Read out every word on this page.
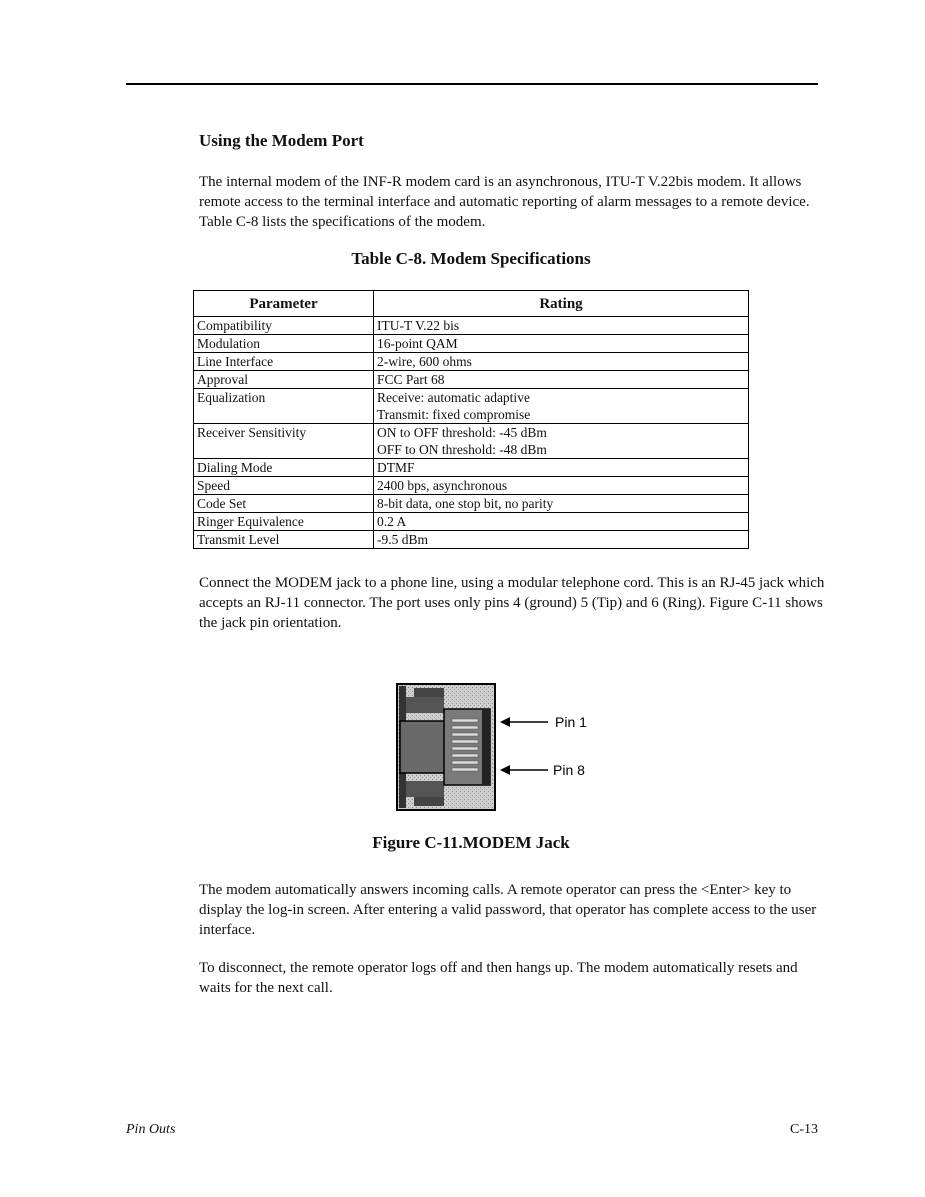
Using the Modem Port

The internal modem of the INF-R modem card is an asynchronous, ITU-T V.22bis modem. It allows remote access to the terminal interface and automatic reporting of alarm messages to a remote device. Table C-8 lists the specifications of the modem.

Table C-8. Modem Specifications

Parameter	Rating
Compatibility	ITU-T V.22 bis

Modulation	16-point QAM

Line Interface	2-wire, 600 ohms

Approval	FCC Part 68

Equalization	Receive: automatic adaptive
Transmit: fixed compromise

Receiver Sensitivity	ON to OFF threshold: -45 dBm
OFF to ON threshold: -48 dBm

Dialing Mode	DTMF

Speed	2400 bps, asynchronous

Code Set	8-bit data, one stop bit, no parity

Ringer Equivalence	0.2 A

Transmit Level	-9.5 dBm

Connect the MODEM jack to a phone line, using a modular telephone cord. This is an RJ-45 jack which accepts an RJ-11 connector. The port uses only pins 4 (ground) 5 (Tip) and 6 (Ring). Figure C-11 shows the jack pin orientation.

Pin 1
Pin 8

Figure C-11.MODEM Jack

The modem automatically answers incoming calls. A remote operator can press the <Enter> key to display the log-in screen. After entering a valid password, that operator has complete access to the user interface.

To disconnect, the remote operator logs off and then hangs up. The modem automatically resets and waits for the next call.

Pin Outs	C-13
